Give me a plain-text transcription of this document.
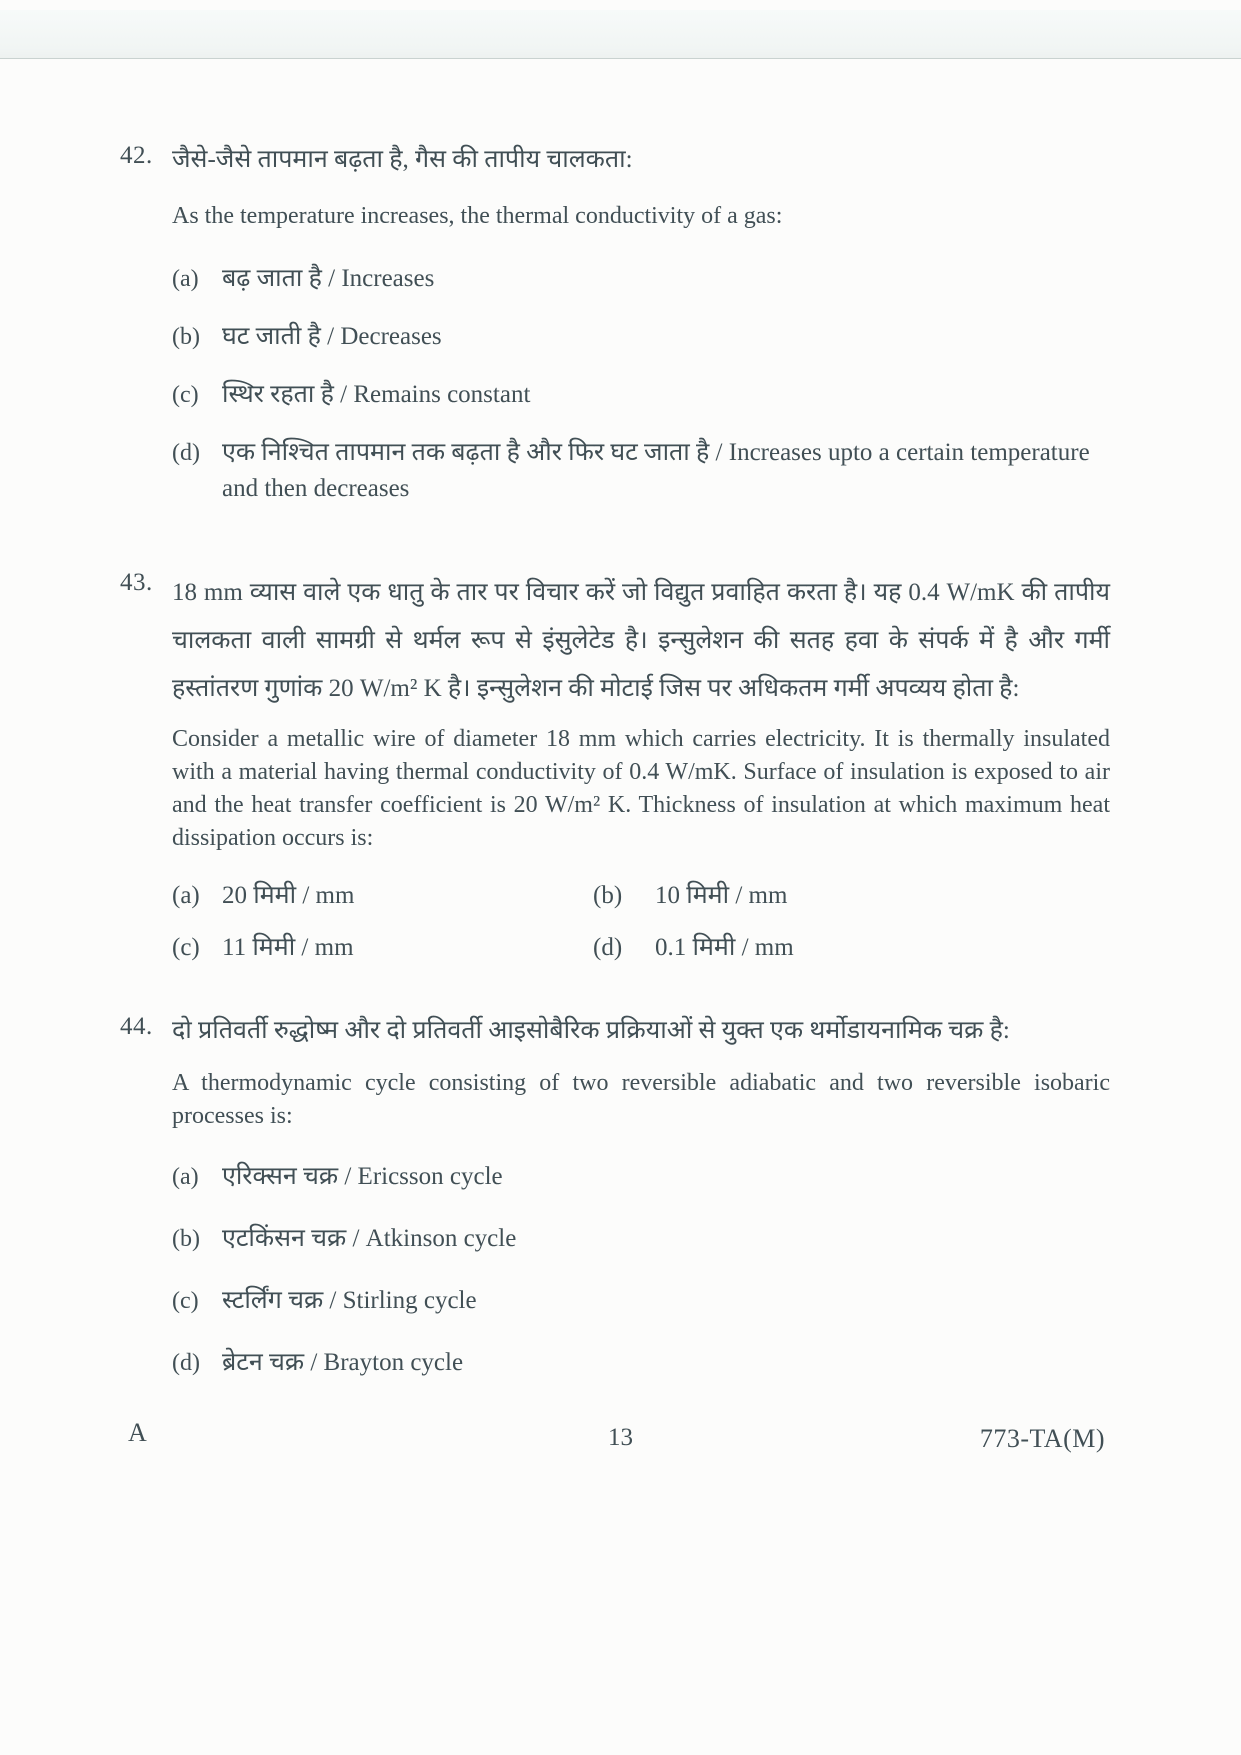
42. जैसे-जैसे तापमान बढ़ता है, गैस की तापीय चालकता:
As the temperature increases, the thermal conductivity of a gas:
(a) बढ़ जाता है / Increases
(b) घट जाती है / Decreases
(c) स्थिर रहता है / Remains constant
(d) एक निश्चित तापमान तक बढ़ता है और फिर घट जाता है / Increases upto a certain temperature and then decreases
43. 18 mm व्यास वाले एक धातु के तार पर विचार करें जो विद्युत प्रवाहित करता है। यह 0.4 W/mK की तापीय चालकता वाली सामग्री से थर्मल रूप से इंसुलेटेड है। इन्सुलेशन की सतह हवा के संपर्क में है और गर्मी हस्तांतरण गुणांक 20 W/m² K है। इन्सुलेशन की मोटाई जिस पर अधिकतम गर्मी अपव्यय होता है:
Consider a metallic wire of diameter 18 mm which carries electricity. It is thermally insulated with a material having thermal conductivity of 0.4 W/mK. Surface of insulation is exposed to air and the heat transfer coefficient is 20 W/m² K. Thickness of insulation at which maximum heat dissipation occurs is:
(a) 20 मिमी / mm	(b)	10 मिमी / mm
(c) 11 मिमी / mm	(d)	0.1 मिमी / mm
44. दो प्रतिवर्ती रुद्धोष्म और दो प्रतिवर्ती आइसोबैरिक प्रक्रियाओं से युक्त एक थर्मोडायनामिक चक्र है:
A thermodynamic cycle consisting of two reversible adiabatic and two reversible isobaric processes is:
(a) एरिक्सन चक्र / Ericsson cycle
(b) एटकिंसन चक्र / Atkinson cycle
(c) स्टर्लिंग चक्र / Stirling cycle
(d) ब्रेटन चक्र / Brayton cycle
A	13	773-TA(M)
